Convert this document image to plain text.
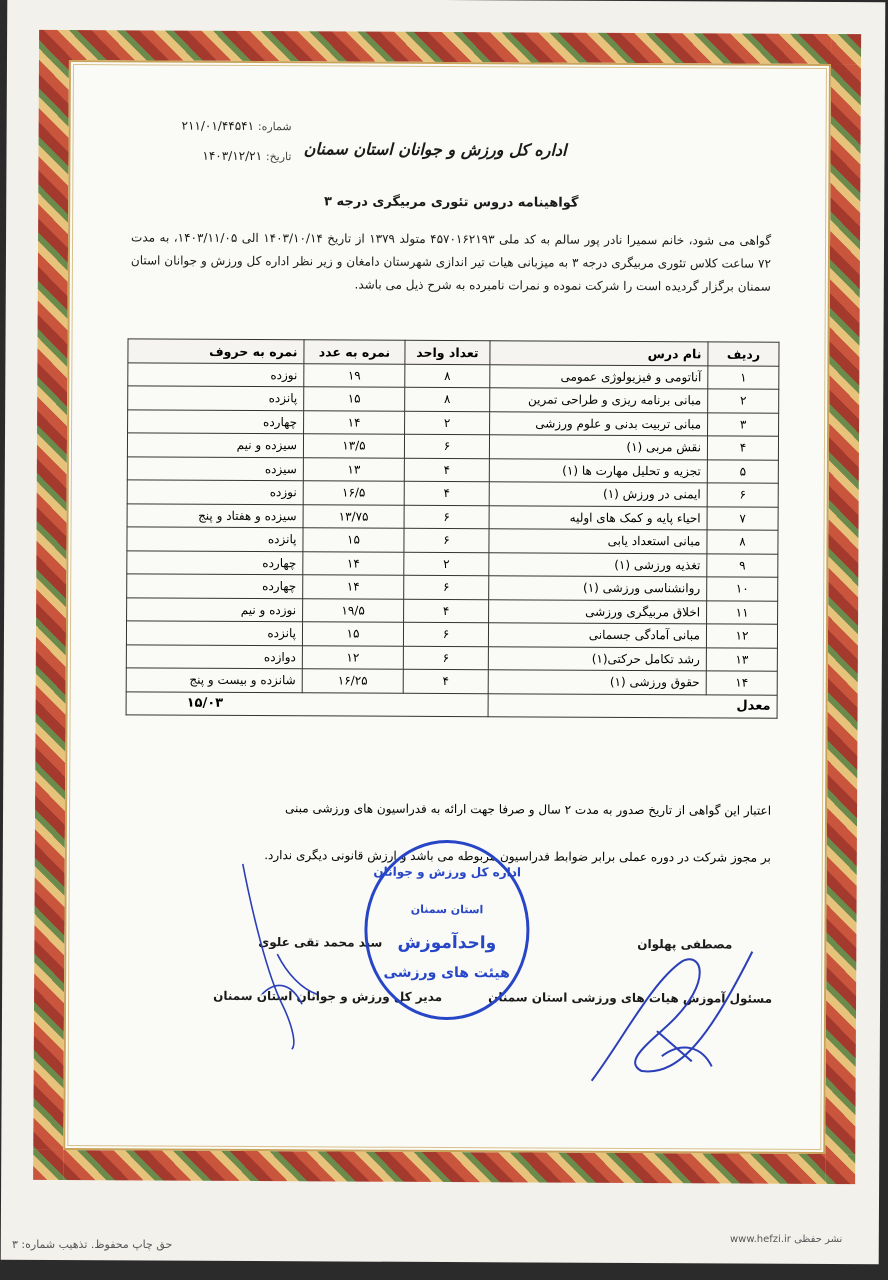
اداره کل ورزش و جوانان استان سمنان
شماره: ۲۱۱/۰۱/۴۴۵۴۱
تاریخ: ۱۴۰۳/۱۲/۲۱
گواهینامه دروس تئوری مربیگری درجه ۳
گواهی می شود، خانم سمیرا نادر پور سالم به کد ملی ۴۵۷۰۱۶۲۱۹۳ متولد ۱۳۷۹ از تاریخ ۱۴۰۳/۱۰/۱۴ الی ۱۴۰۳/۱۱/۰۵، به مدت ۷۲ ساعت کلاس تئوری مربیگری درجه ۳ به میزبانی هیات تیر اندازی شهرستان دامغان و زیر نظر اداره کل ورزش و جوانان استان سمنان برگزار گردیده است را شرکت نموده و نمرات نامبرده به شرح ذیل می باشد.
ردیف	نام درس	تعداد واحد	نمره به عدد	نمره به حروف
۱	آناتومی و فیزیولوژی عمومی	۸	۱۹	نوزده
۲	مبانی برنامه ریزی و طراحی تمرین	۸	۱۵	پانزده
۳	مبانی تربیت بدنی و علوم ورزشی	۲	۱۴	چهارده
۴	نقش مربی (۱)	۶	۱۳/۵	سیزده و نیم
۵	تجزیه و تحلیل مهارت ها (۱)	۴	۱۳	سیزده
۶	ایمنی در ورزش (۱)	۴	۱۶/۵	نوزده
۷	احیاء پایه و کمک های اولیه	۶	۱۳/۷۵	سیزده و هفتاد و پنج
۸	مبانی استعداد یابی	۶	۱۵	پانزده
۹	تغذیه ورزشی (۱)	۲	۱۴	چهارده
۱۰	روانشناسی ورزشی (۱)	۶	۱۴	چهارده
۱۱	اخلاق مربیگری ورزشی	۴	۱۹/۵	نوزده و نیم
۱۲	مبانی آمادگی جسمانی	۶	۱۵	پانزده
۱۳	رشد تکامل حرکتی(۱)	۶	۱۲	دوازده
۱۴	حقوق ورزشی (۱)	۴	۱۶/۲۵	شانزده و بیست و پنج
معدل		۱۵/۰۳		
اعتبار این گواهی از تاریخ صدور به مدت ۲ سال و صرفا جهت ارائه به فدراسیون های ورزشی مبنی
بر مجوز شرکت در دوره عملی برابر ضوابط فدراسیون مربوطه می باشد و ارزش قانونی دیگری ندارد.
مصطفی پهلوان
سید محمد تقی علوی
مسئول آموزش هیات های ورزشی استان سمنان
مدیر کل ورزش و جوانان استان سمنان
اداره کل ورزش و جوانان
استان سمنان
واحدآموزش
هیئت های ورزشی
حق چاپ محفوظ. تذهیب شماره: ۳	www.hefzi.ir نشر حفظی
